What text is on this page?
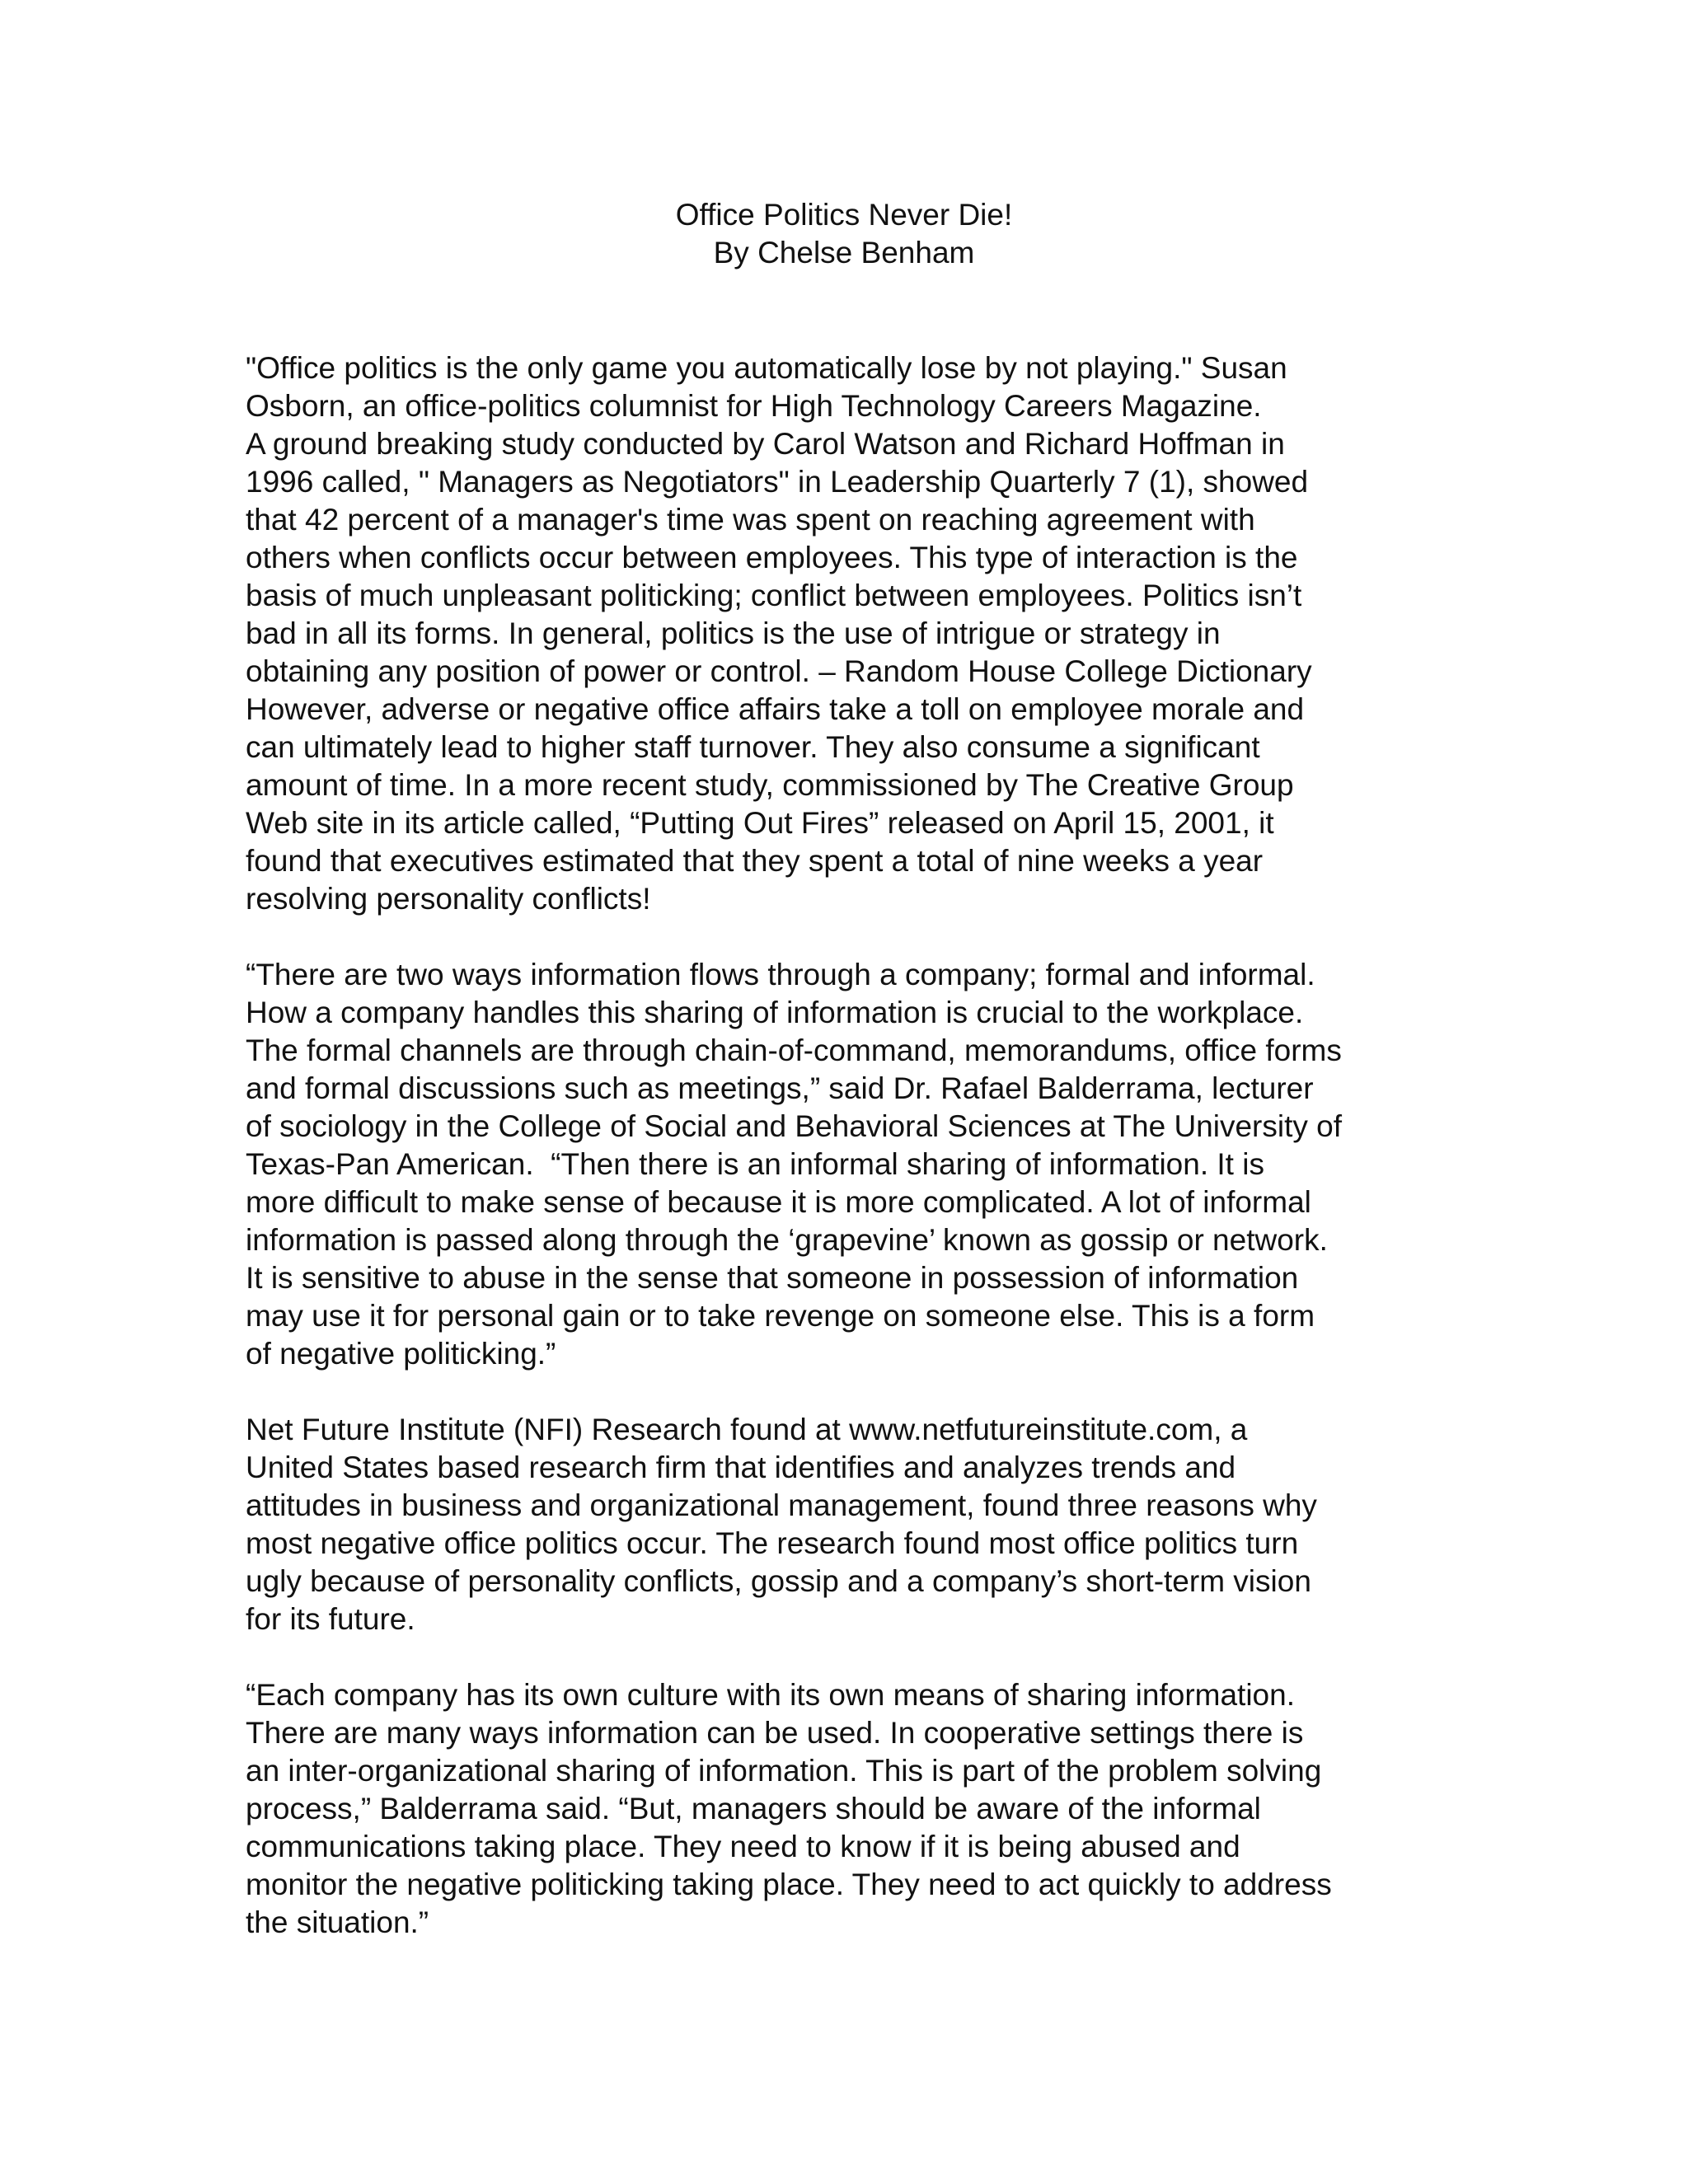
Office Politics Never Die!

By Chelse Benham

"Office politics is the only game you automatically lose by not playing." Susan
Osborn, an office-politics columnist for High Technology Careers Magazine.
A ground breaking study conducted by Carol Watson and Richard Hoffman in
1996 called, " Managers as Negotiators" in Leadership Quarterly 7 (1), showed
that 42 percent of a manager's time was spent on reaching agreement with
others when conflicts occur between employees. This type of interaction is the
basis of much unpleasant politicking; conflict between employees. Politics isn’t
bad in all its forms. In general, politics is the use of intrigue or strategy in
obtaining any position of power or control. – Random House College Dictionary
However, adverse or negative office affairs take a toll on employee morale and
can ultimately lead to higher staff turnover. They also consume a significant
amount of time. In a more recent study, commissioned by The Creative Group
Web site in its article called, “Putting Out Fires” released on April 15, 2001, it
found that executives estimated that they spent a total of nine weeks a year
resolving personality conflicts!
“There are two ways information flows through a company; formal and informal.
How a company handles this sharing of information is crucial to the workplace.
The formal channels are through chain-of-command, memorandums, office forms
and formal discussions such as meetings,” said Dr. Rafael Balderrama, lecturer
of sociology in the College of Social and Behavioral Sciences at The University of
Texas-Pan American.  “Then there is an informal sharing of information. It is
more difficult to make sense of because it is more complicated. A lot of informal
information is passed along through the ‘grapevine’ known as gossip or network.
It is sensitive to abuse in the sense that someone in possession of information
may use it for personal gain or to take revenge on someone else. This is a form
of negative politicking.”
Net Future Institute (NFI) Research found at www.netfutureinstitute.com, a
United States based research firm that identifies and analyzes trends and
attitudes in business and organizational management, found three reasons why
most negative office politics occur. The research found most office politics turn
ugly because of personality conflicts, gossip and a company’s short-term vision
for its future.
“Each company has its own culture with its own means of sharing information.
There are many ways information can be used. In cooperative settings there is
an inter-organizational sharing of information. This is part of the problem solving
process,” Balderrama said. “But, managers should be aware of the informal
communications taking place. They need to know if it is being abused and
monitor the negative politicking taking place. They need to act quickly to address
the situation.”
